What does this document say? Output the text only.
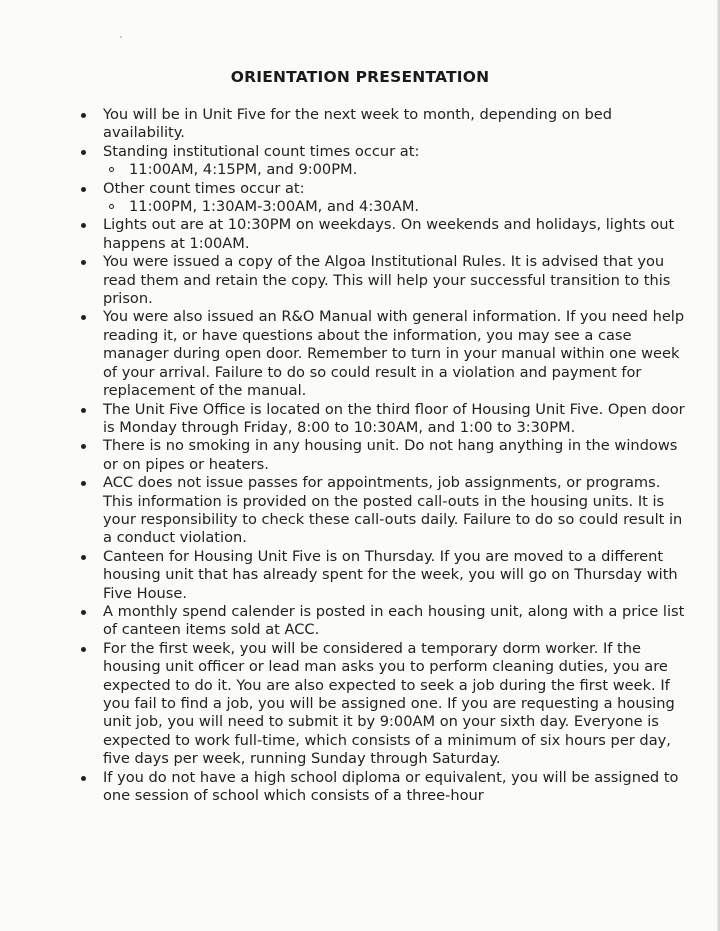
ORIENTATION PRESENTATION
You will be in Unit Five for the next week to month, depending on bed availability.
Standing institutional count times occur at:
11:00AM, 4:15PM, and 9:00PM.
Other count times occur at:
11:00PM, 1:30AM-3:00AM, and 4:30AM.
Lights out are at 10:30PM on weekdays. On weekends and holidays, lights out happens at 1:00AM.
You were issued a copy of the Algoa Institutional Rules. It is advised that you read them and retain the copy. This will help your successful transition to this prison.
You were also issued an R&O Manual with general information. If you need help reading it, or have questions about the information, you may see a case manager during open door. Remember to turn in your manual within one week of your arrival. Failure to do so could result in a violation and payment for replacement of the manual.
The Unit Five Office is located on the third floor of Housing Unit Five. Open door is Monday through Friday, 8:00 to 10:30AM, and 1:00 to 3:30PM.
There is no smoking in any housing unit. Do not hang anything in the windows or on pipes or heaters.
ACC does not issue passes for appointments, job assignments, or programs. This information is provided on the posted call-outs in the housing units. It is your responsibility to check these call-outs daily. Failure to do so could result in a conduct violation.
Canteen for Housing Unit Five is on Thursday. If you are moved to a different housing unit that has already spent for the week, you will go on Thursday with Five House.
A monthly spend calender is posted in each housing unit, along with a price list of canteen items sold at ACC.
For the first week, you will be considered a temporary dorm worker. If the housing unit officer or lead man asks you to perform cleaning duties, you are expected to do it. You are also expected to seek a job during the first week. If you fail to find a job, you will be assigned one. If you are requesting a housing unit job, you will need to submit it by 9:00AM on your sixth day. Everyone is expected to work full-time, which consists of a minimum of six hours per day, five days per week, running Sunday through Saturday.
If you do not have a high school diploma or equivalent, you will be assigned to one session of school which consists of a three-hour
